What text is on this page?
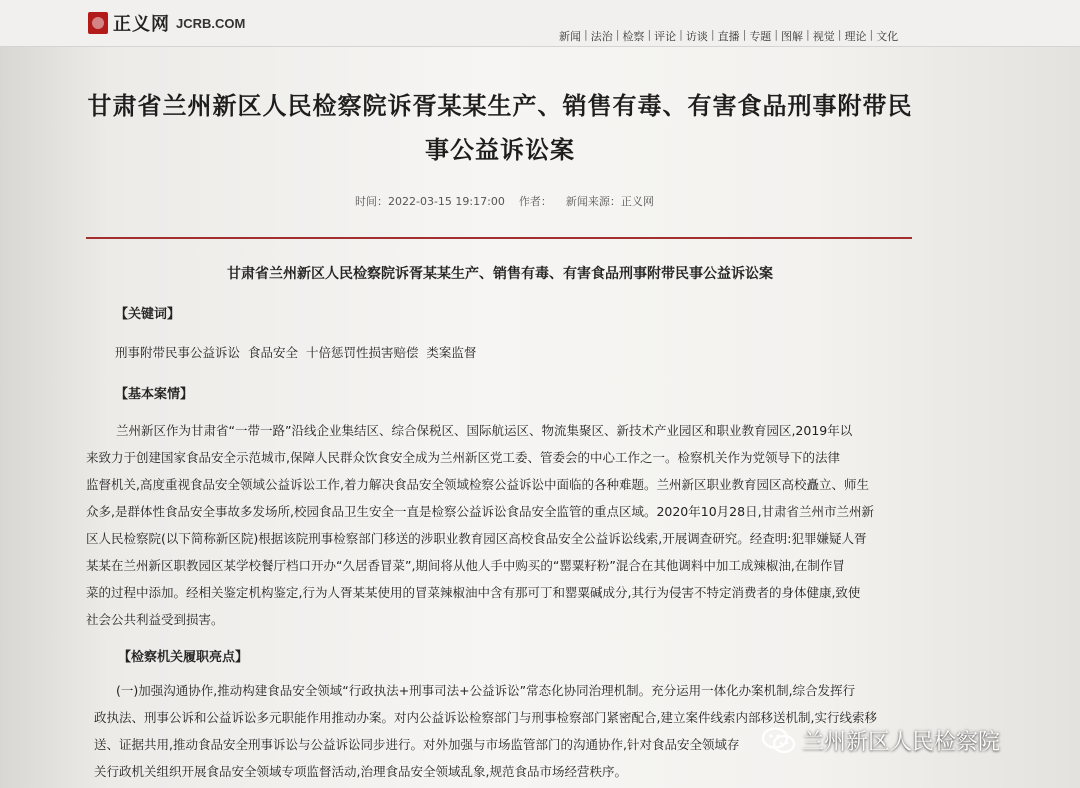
正义网 JCRB.COM
新闻 | 法治 | 检察 | 评论 | 访谈 | 直播 | 专题 | 图解 | 视觉 | 理论 | 文化
甘肃省兰州新区人民检察院诉胥某某生产、销售有毒、有害食品刑事附带民
事公益诉讼案
时间：2022-03-15 19:17:00 作者： 新闻来源：正义网
甘肃省兰州新区人民检察院诉胥某某生产、销售有毒、有害食品刑事附带民事公益诉讼案
【关键词】
刑事附带民事公益诉讼 食品安全 十倍惩罚性损害赔偿 类案监督
【基本案情】
兰州新区作为甘肃省“一带一路”沿线企业集结区、综合保税区、国际航运区、物流集聚区、新技术产业园区和职业教育园区,2019年以
来致力于创建国家食品安全示范城市,保障人民群众饮食安全成为兰州新区党工委、管委会的中心工作之一。检察机关作为党领导下的法律
监督机关,高度重视食品安全领域公益诉讼工作,着力解决食品安全领域检察公益诉讼中面临的各种难题。兰州新区职业教育园区高校矗立、师生
众多,是群体性食品安全事故多发场所,校园食品卫生安全一直是检察公益诉讼食品安全监管的重点区域。2020年10月28日,甘肃省兰州市兰州新
区人民检察院(以下简称新区院)根据该院刑事检察部门移送的涉职业教育园区高校食品安全公益诉讼线索,开展调查研究。经查明:犯罪嫌疑人胥
某某在兰州新区职教园区某学校餐厅档口开办“久居香冒菜”,期间将从他人手中购买的“罂粟籽粉”混合在其他调料中加工成辣椒油,在制作冒
菜的过程中添加。经相关鉴定机构鉴定,行为人胥某某使用的冒菜辣椒油中含有那可丁和罂粟碱成分,其行为侵害不特定消费者的身体健康,致使
社会公共利益受到损害。
【检察机关履职亮点】
(一)加强沟通协作,推动构建食品安全领域“行政执法+刑事司法+公益诉讼”常态化协同治理机制。充分运用一体化办案机制,综合发挥行
政执法、刑事公诉和公益诉讼多元职能作用推动办案。对内公益诉讼检察部门与刑事检察部门紧密配合,建立案件线索内部移送机制,实行线索移
送、证据共用,推动食品安全刑事诉讼与公益诉讼同步进行。对外加强与市场监管部门的沟通协作,针对食品安全领域存
关行政机关组织开展食品安全领域专项监督活动,治理食品安全领域乱象,规范食品市场经营秩序。
兰州新区人民检察院
